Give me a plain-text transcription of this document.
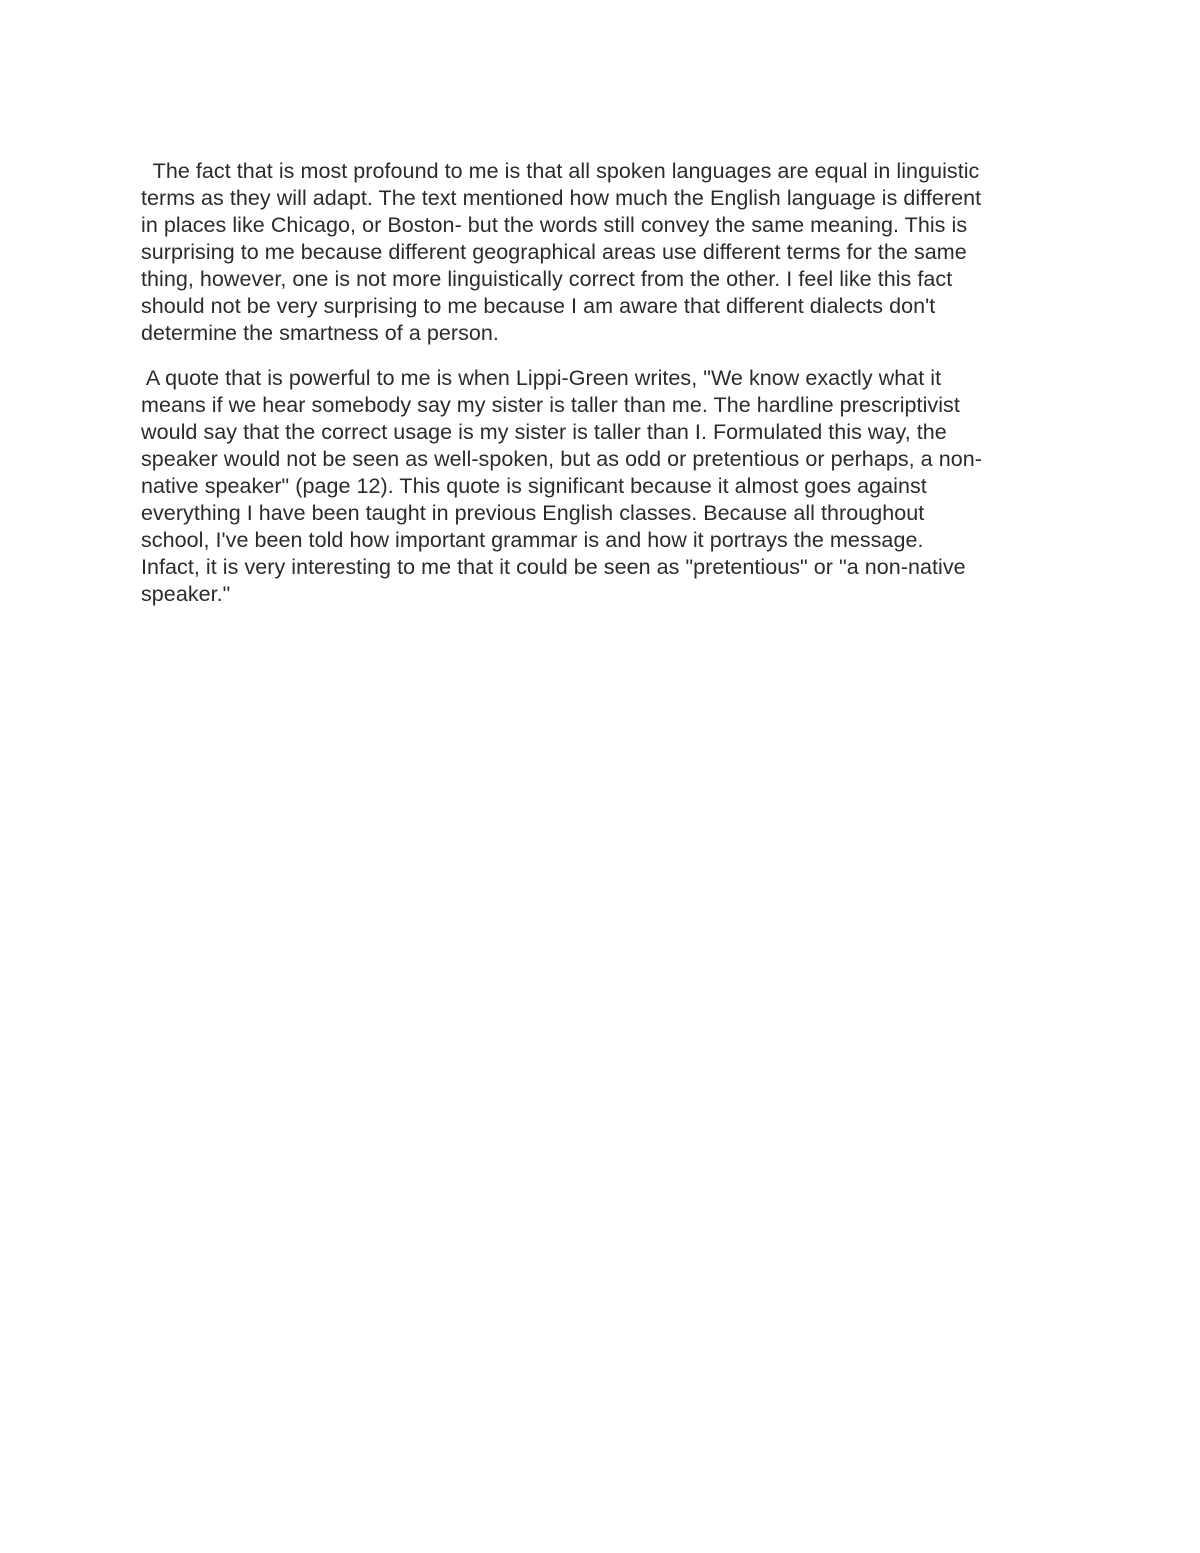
The fact that is most profound to me is that all spoken languages are equal in linguistic
terms as they will adapt. The text mentioned how much the English language is different
in places like Chicago, or Boston- but the words still convey the same meaning. This is
surprising to me because different geographical areas use different terms for the same
thing, however, one is not more linguistically correct from the other. I feel like this fact
should not be very surprising to me because I am aware that different dialects don't
determine the smartness of a person.
A quote that is powerful to me is when Lippi-Green writes, "We know exactly what it
means if we hear somebody say my sister is taller than me. The hardline prescriptivist
would say that the correct usage is my sister is taller than I. Formulated this way, the
speaker would not be seen as well-spoken, but as odd or pretentious or perhaps, a non-
native speaker" (page 12). This quote is significant because it almost goes against
everything I have been taught in previous English classes. Because all throughout
school, I've been told how important grammar is and how it portrays the message.
Infact, it is very interesting to me that it could be seen as "pretentious" or "a non-native
speaker."
